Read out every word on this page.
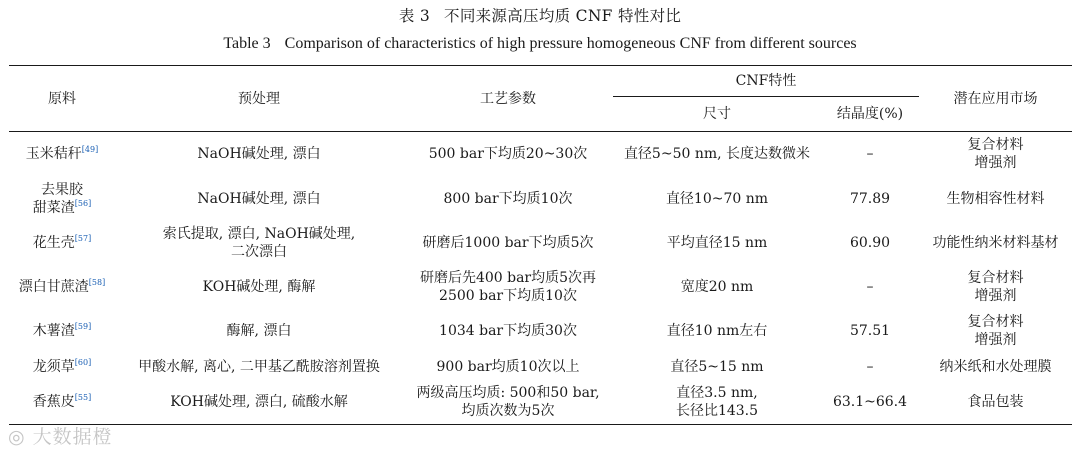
表 3 不同来源高压均质 CNF 特性对比
Table 3 Comparison of characteristics of high pressure homogeneous CNF from different sources
原料	预处理	工艺参数	CNF特性		潜在应用市场
			尺寸	结晶度(%)	
玉米秸秆[49]	NaOH碱处理, 漂白	500 bar下均质20~30次	直径5~50 nm, 长度达数微米	–	复合材料
增强剂
去果胶
甜菜渣[56]	NaOH碱处理, 漂白	800 bar下均质10次	直径10~70 nm	77.89	生物相容性材料
花生壳[57]	索氏提取, 漂白, NaOH碱处理,
二次漂白	研磨后1000 bar下均质5次	平均直径15 nm	60.90	功能性纳米材料基材
漂白甘蔗渣[58]	KOH碱处理, 酶解	研磨后先400 bar均质5次再
2500 bar下均质10次	宽度20 nm	–	复合材料
增强剂
木薯渣[59]	酶解, 漂白	1034 bar下均质30次	直径10 nm左右	57.51	复合材料
增强剂
龙须草[60]	甲酸水解, 离心, 二甲基乙酰胺溶剂置换	900 bar均质10次以上	直径5~15 nm	–	纳米纸和水处理膜
香蕉皮[55]	KOH碱处理, 漂白, 硫酸水解	两级高压均质: 500和50 bar,
均质次数为5次	直径3.5 nm,
长径比143.5	63.1~66.4	食品包装
◎ 大数据橙
